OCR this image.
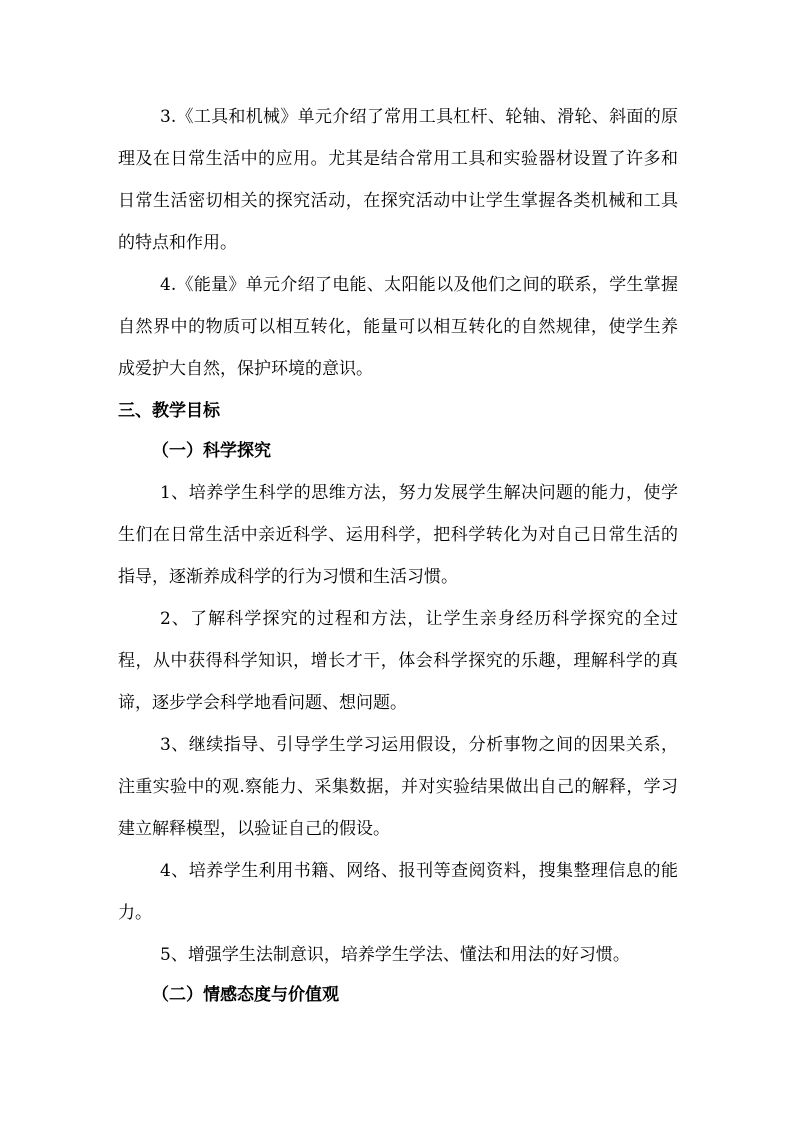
3.《工具和机械》单元介绍了常用工具杠杆、轮轴、滑轮、斜面的原理及在日常生活中的应用。尤其是结合常用工具和实验器材设置了许多和日常生活密切相关的探究活动，在探究活动中让学生掌握各类机械和工具的特点和作用。

4.《能量》单元介绍了电能、太阳能以及他们之间的联系，学生掌握自然界中的物质可以相互转化，能量可以相互转化的自然规律，使学生养成爱护大自然，保护环境的意识。

三、教学目标

（一）科学探究

1、培养学生科学的思维方法，努力发展学生解决问题的能力，使学生们在日常生活中亲近科学、运用科学，把科学转化为对自己日常生活的指导，逐渐养成科学的行为习惯和生活习惯。

2、了解科学探究的过程和方法，让学生亲身经历科学探究的全过程，从中获得科学知识，增长才干，体会科学探究的乐趣，理解科学的真谛，逐步学会科学地看问题、想问题。

3、继续指导、引导学生学习运用假设，分析事物之间的因果关系，注重实验中的观.察能力、采集数据，并对实验结果做出自己的解释，学习建立解释模型，以验证自己的假设。

4、培养学生利用书籍、网络、报刊等查阅资料，搜集整理信息的能力。

5、增强学生法制意识，培养学生学法、懂法和用法的好习惯。

（二）情感态度与价值观
